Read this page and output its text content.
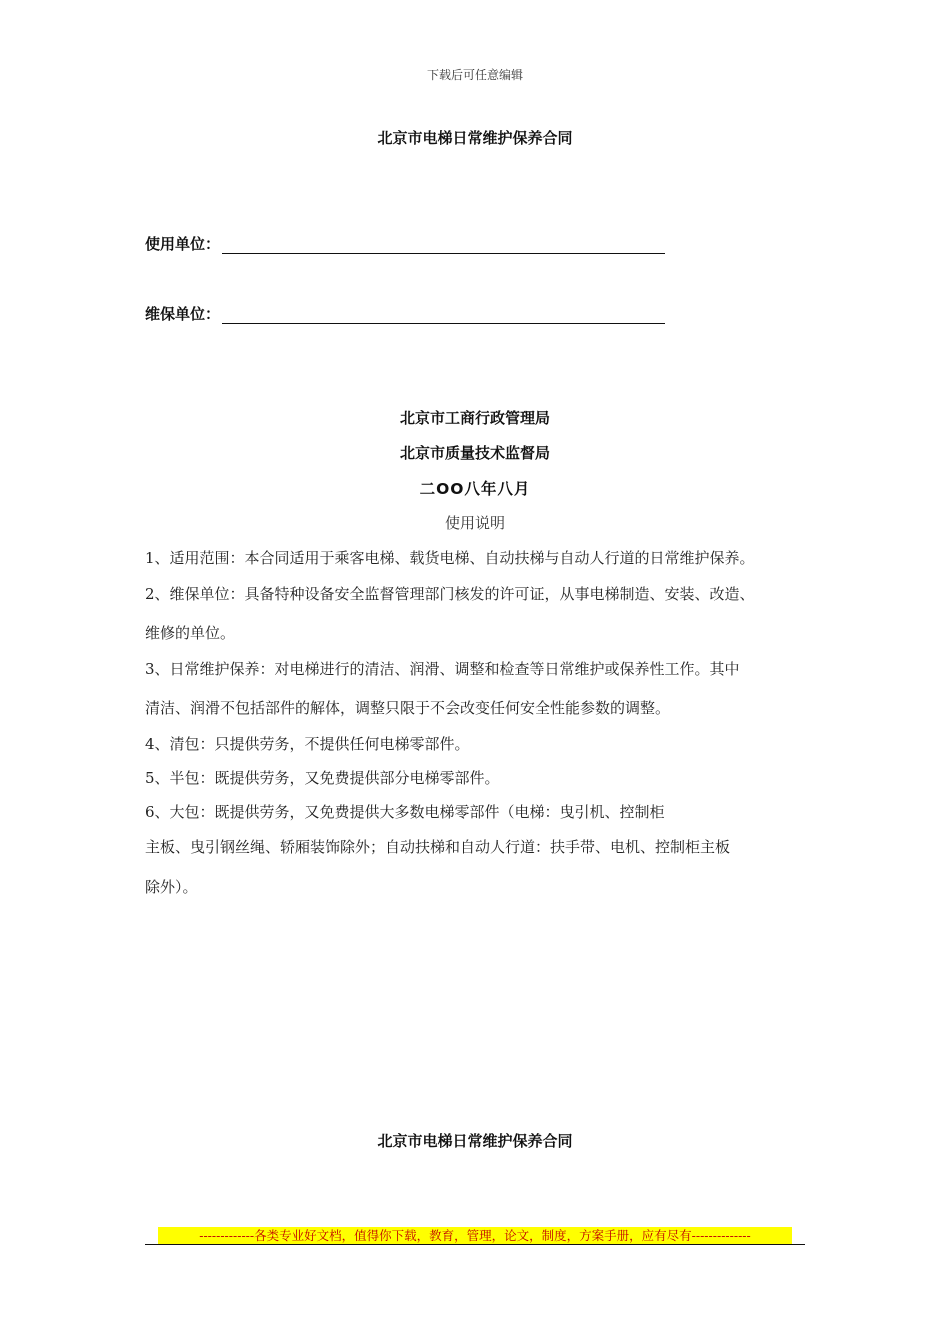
下载后可任意编辑
北京市电梯日常维护保养合同
使用单位：
维保单位：
北京市工商行政管理局
北京市质量技术监督局
二OO八年八月
使用说明
1、适用范围：本合同适用于乘客电梯、载货电梯、自动扶梯与自动人行道的日常维护保养。
2、维保单位：具备特种设备安全监督管理部门核发的许可证，从事电梯制造、安装、改造、
维修的单位。
3、日常维护保养：对电梯进行的清洁、润滑、调整和检查等日常维护或保养性工作。其中
清洁、润滑不包括部件的解体，调整只限于不会改变任何安全性能参数的调整。
4、清包：只提供劳务，不提供任何电梯零部件。
5、半包：既提供劳务，又免费提供部分电梯零部件。
6、大包：既提供劳务，又免费提供大多数电梯零部件（电梯：曳引机、控制柜
主板、曳引钢丝绳、轿厢装饰除外；自动扶梯和自动人行道：扶手带、电机、控制柜主板
除外）。
北京市电梯日常维护保养合同
-------------各类专业好文档，值得你下载，教育，管理，论文，制度，方案手册，应有尽有--------------
